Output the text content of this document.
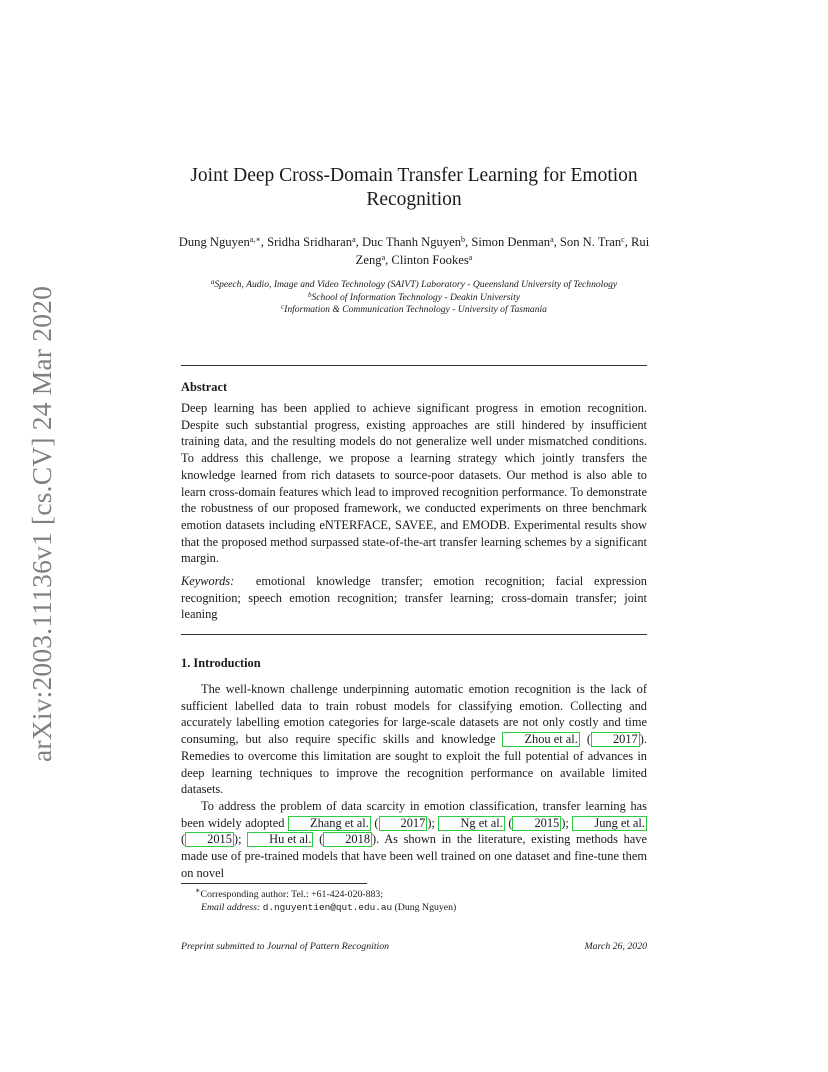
arXiv:2003.11136v1 [cs.CV] 24 Mar 2020
Joint Deep Cross-Domain Transfer Learning for Emotion Recognition
Dung Nguyen$^{a,∗}$, Sridha Sridharan$^a$, Duc Thanh Nguyen$^b$, Simon Denman$^a$, Son N. Tran$^c$, Rui Zeng$^a$, Clinton Fookes$^a$
$^a$Speech, Audio, Image and Video Technology (SAIVT) Laboratory - Queensland University of Technology
$^b$School of Information Technology - Deakin University
$^c$Information & Communication Technology - University of Tasmania

Abstract

Deep learning has been applied to achieve significant progress in emotion recognition. Despite such substantial progress, existing approaches are still hindered by insufficient training data, and the resulting models do not generalize well under mismatched conditions. To address this challenge, we propose a learning strategy which jointly transfers the knowledge learned from rich datasets to source-poor datasets. Our method is also able to learn cross-domain features which lead to improved recognition performance. To demonstrate the robustness of our proposed framework, we conducted experiments on three benchmark emotion datasets including eNTERFACE, SAVEE, and EMODB. Experimental results show that the proposed method surpassed state-of-the-art transfer learning schemes by a significant margin.

Keywords: emotional knowledge transfer; emotion recognition; facial expression recognition; speech emotion recognition; transfer learning; cross-domain transfer; joint leaning

1. Introduction

The well-known challenge underpinning automatic emotion recognition is the lack of sufficient labelled data to train robust models for classifying emotion. Collecting and accurately labelling emotion categories for large-scale datasets are not only costly and time consuming, but also require specific skills and knowledge Zhou et al. ( 2017 ). Remedies to overcome this limitation are sought to exploit the full potential of advances in deep learning techniques to improve the recognition performance on available limited datasets.

To address the problem of data scarcity in emotion classification, transfer learning has been widely adopted Zhang et al. ( 2017 ); Ng et al. ( 2015 ); Jung et al. ( 2015 ); Hu et al. ( 2018 ). As shown in the literature, existing methods have made use of pre-trained models that have been well trained on one dataset and fine-tune them on novel

∗Corresponding author: Tel.: +61-424-020-883;
Email address: d.nguyentien@qut.edu.au (Dung Nguyen)
Preprint submitted to Journal of Pattern Recognition	March 26, 2020
